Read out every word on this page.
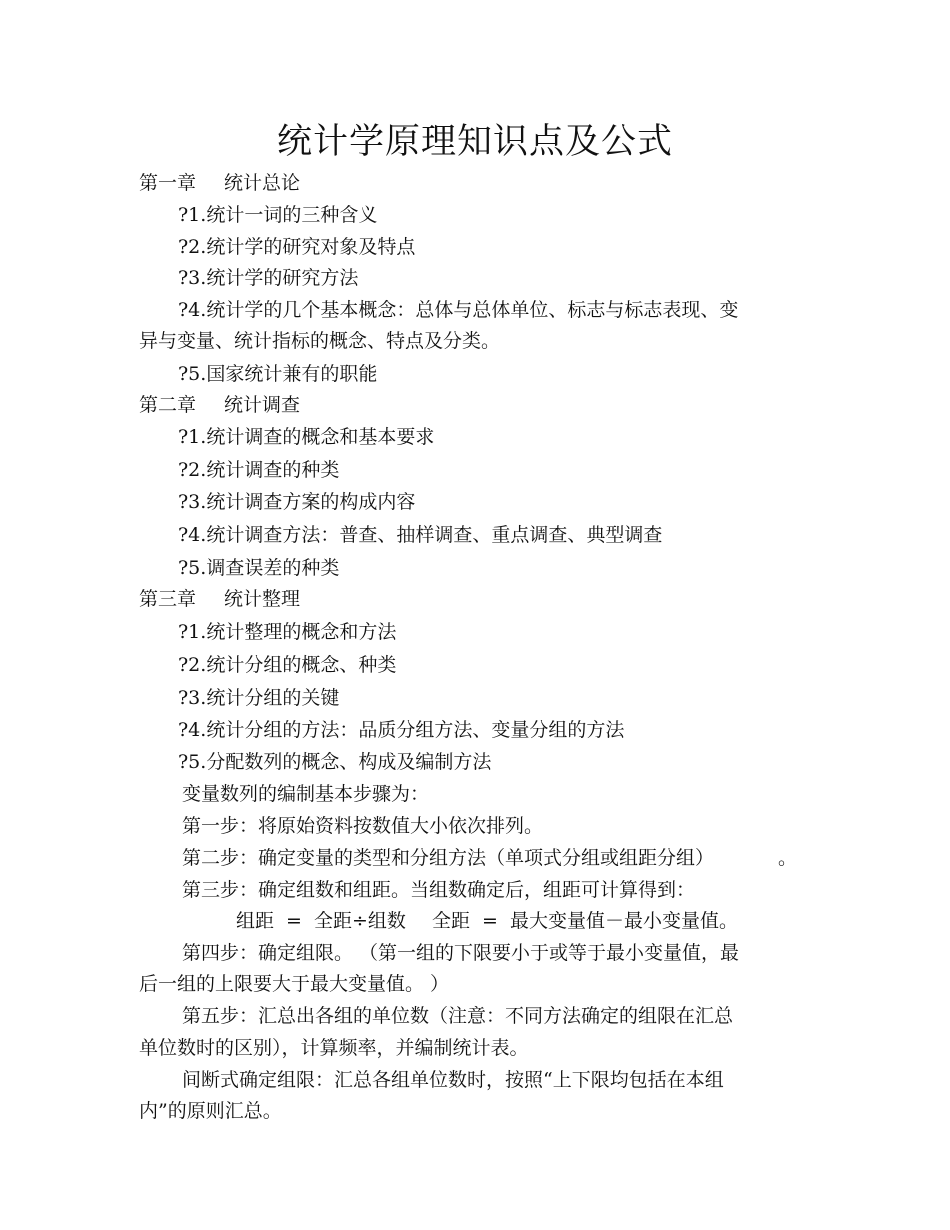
统计学原理知识点及公式
第一章 统计总论
?1.统计一词的三种含义
?2.统计学的研究对象及特点
?3.统计学的研究方法
?4.统计学的几个基本概念：总体与总体单位、标志与标志表现、变
异与变量、统计指标的概念、特点及分类。
?5.国家统计兼有的职能
第二章 统计调查
?1.统计调查的概念和基本要求
?2.统计调查的种类
?3.统计调查方案的构成内容
?4.统计调查方法：普查、抽样调查、重点调查、典型调查
?5.调查误差的种类
第三章 统计整理
?1.统计整理的概念和方法
?2.统计分组的概念、种类
?3.统计分组的关键
?4.统计分组的方法：品质分组方法、变量分组的方法
?5.分配数列的概念、构成及编制方法
变量数列的编制基本步骤为：
第一步：将原始资料按数值大小依次排列。
第二步：确定变量的类型和分组方法（单项式分组或组距分组）	。
第三步：确定组数和组距。当组数确定后，组距可计算得到：
组距 = 全距÷组数 全距 = 最大变量值－最小变量值。
第四步：确定组限。 （第一组的下限要小于或等于最小变量值，最
后一组的上限要大于最大变量值。 ）
第五步：汇总出各组的单位数（注意：不同方法确定的组限在汇总
单位数时的区别），计算频率，并编制统计表。
间断式确定组限：汇总各组单位数时，按照“上下限均包括在本组
内”的原则汇总。
